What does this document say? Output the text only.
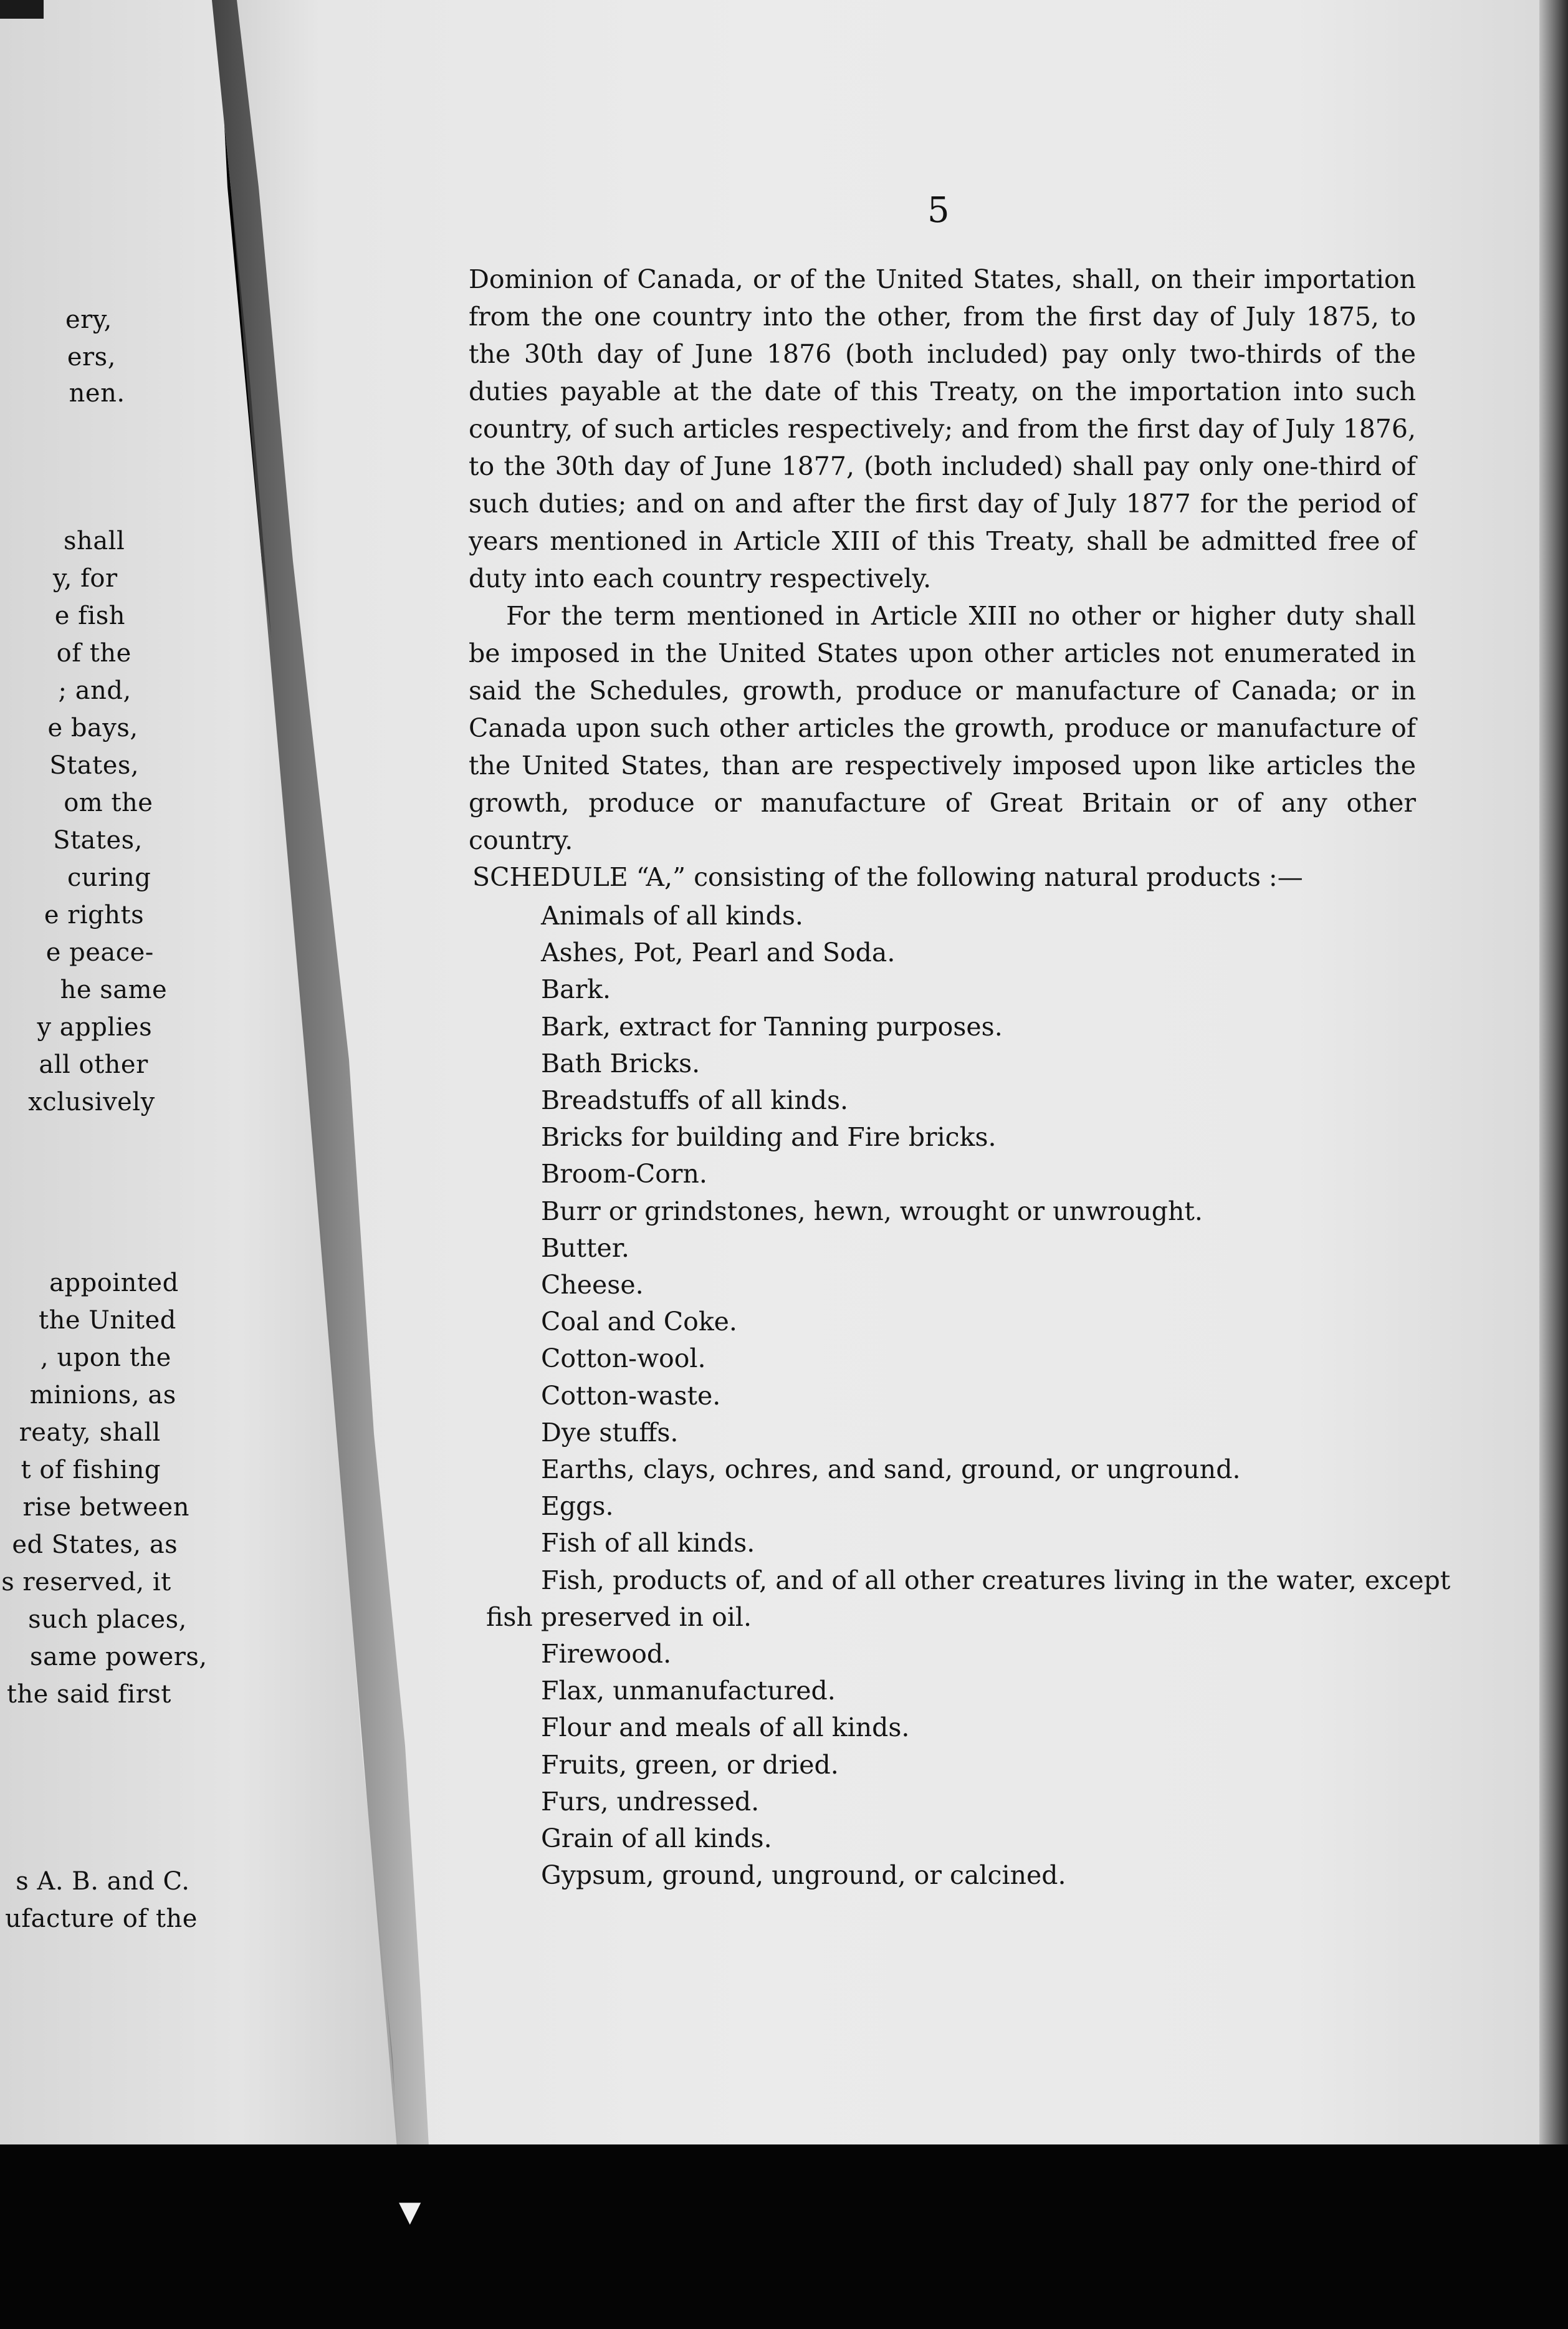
ery,
ers,
nen.
shall
y, for
e fish
of the
; and,
e bays,
States,
om the
States,
curing
e rights
e peace-
he same
y applies
all other
xclusively
appointed
the United
, upon the
minions, as
reaty, shall
t of fishing
rise between
ed States, as
s reserved, it
such places,
same powers,
the said first
s A. B. and C.
ufacture of the
5

Dominion of Canada, or of the United States, shall, on their importation from the one country into the other, from the first day of July 1875, to the 30th day of June 1876 (both included) pay only two-thirds of the duties payable at the date of this Treaty, on the importation into such country, of such articles respectively; and from the first day of July 1876, to the 30th day of June 1877, (both included) shall pay only one-third of such duties; and on and after the first day of July 1877 for the period of years mentioned in Article XIII of this Treaty, shall be admitted free of duty into each country respectively.

For the term mentioned in Article XIII no other or higher duty shall be imposed in the United States upon other articles not enumerated in said the Schedules, growth, produce or manufacture of Canada; or in Canada upon such other articles the growth, produce or manufacture of the United States, than are respectively imposed upon like articles the growth, produce or manufacture of Great Britain or of any other country.

SCHEDULE “A,” consisting of the following natural products :—
Animals of all kinds.
Ashes, Pot, Pearl and Soda.
Bark.
Bark, extract for Tanning purposes.
Bath Bricks.
Breadstuffs of all kinds.
Bricks for building and Fire bricks.
Broom-Corn.
Burr or grindstones, hewn, wrought or unwrought.
Butter.
Cheese.
Coal and Coke.
Cotton-wool.
Cotton-waste.
Dye stuffs.
Earths, clays, ochres, and sand, ground, or unground.
Eggs.
Fish of all kinds.
Fish, products of, and of all other creatures living in the water, except
fish preserved in oil.
Firewood.
Flax, unmanufactured.
Flour and meals of all kinds.
Fruits, green, or dried.
Furs, undressed.
Grain of all kinds.
Gypsum, ground, unground, or calcined.
▼
